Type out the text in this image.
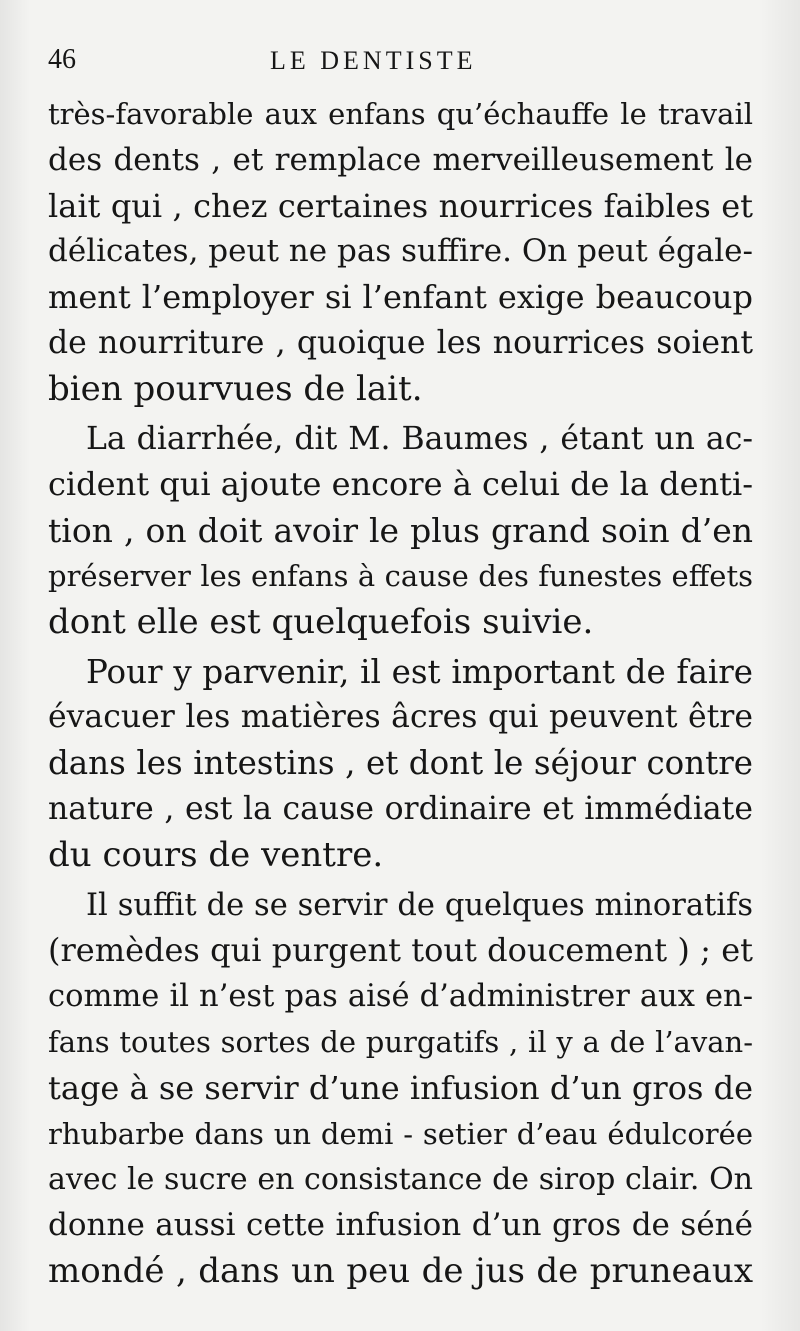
46	LE DENTISTE
très-favorable aux enfans qu’échauffe le travail
des dents , et remplace merveilleusement le
lait qui , chez certaines nourrices faibles et
délicates, peut ne pas suffire. On peut égale-
ment l’employer si l’enfant exige beaucoup
de nourriture , quoique les nourrices soient
bien pourvues de lait.
La diarrhée, dit M. Baumes , étant un ac-
cident qui ajoute encore à celui de la denti-
tion , on doit avoir le plus grand soin d’en
préserver les enfans à cause des funestes effets
dont elle est quelquefois suivie.
Pour y parvenir, il est important de faire
évacuer les matières âcres qui peuvent être
dans les intestins , et dont le séjour contre
nature , est la cause ordinaire et immédiate
du cours de ventre.
Il suffit de se servir de quelques minoratifs
(remèdes qui purgent tout doucement ) ; et
comme il n’est pas aisé d’administrer aux en-
fans toutes sortes de purgatifs , il y a de l’avan-
tage à se servir d’une infusion d’un gros de
rhubarbe dans un demi - setier d’eau édulcorée
avec le sucre en consistance de sirop clair. On
donne aussi cette infusion d’un gros de séné
mondé , dans un peu de jus de pruneaux
